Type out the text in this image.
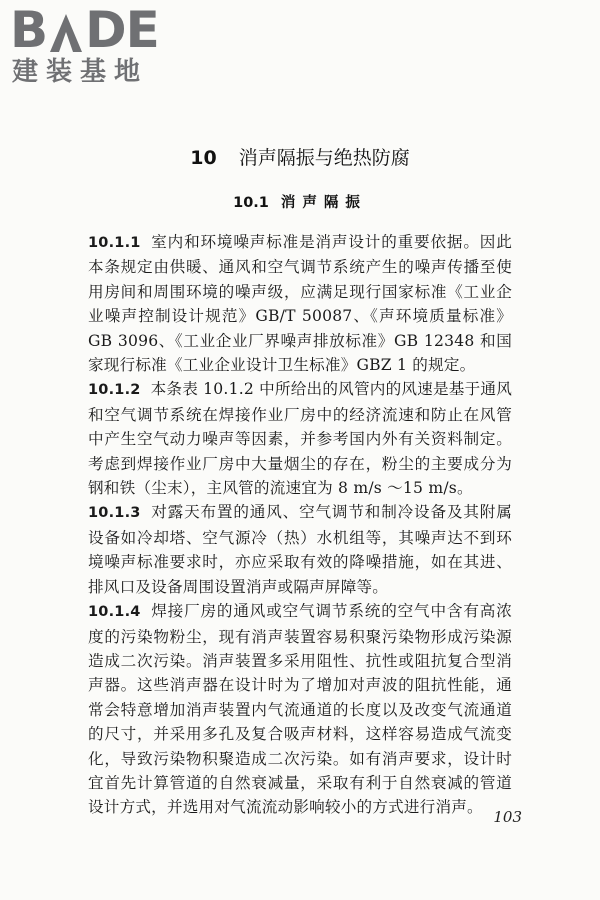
B DE
建装基地
10 消声隔振与绝热防腐
10.1 消声隔振
10.1.1 室内和环境噪声标准是消声设计的重要依据。因此本条规定由供暖、通风和空气调节系统产生的噪声传播至使用房间和周围环境的噪声级，应满足现行国家标准《工业企业噪声控制设计规范》GB/T 50087、《声环境质量标准》GB 3096、《工业企业厂界噪声排放标准》GB 12348 和国家现行标准《工业企业设计卫生标准》GBZ 1 的规定。
10.1.2 本条表 10.1.2 中所给出的风管内的风速是基于通风和空气调节系统在焊接作业厂房中的经济流速和防止在风管中产生空气动力噪声等因素，并参考国内外有关资料制定。考虑到焊接作业厂房中大量烟尘的存在，粉尘的主要成分为钢和铁（尘末），主风管的流速宜为 8 m/s ～15 m/s。
10.1.3 对露天布置的通风、空气调节和制冷设备及其附属设备如冷却塔、空气源冷（热）水机组等，其噪声达不到环境噪声标准要求时，亦应采取有效的降噪措施，如在其进、排风口及设备周围设置消声或隔声屏障等。
10.1.4 焊接厂房的通风或空气调节系统的空气中含有高浓度的污染物粉尘，现有消声装置容易积聚污染物形成污染源造成二次污染。消声装置多采用阻性、抗性或阻抗复合型消声器。这些消声器在设计时为了增加对声波的阻抗性能，通常会特意增加消声装置内气流通道的长度以及改变气流通道的尺寸，并采用多孔及复合吸声材料，这样容易造成气流变化，导致污染物积聚造成二次污染。如有消声要求，设计时宜首先计算管道的自然衰减量，采取有利于自然衰减的管道设计方式，并选用对气流流动影响较小的方式进行消声。
103
